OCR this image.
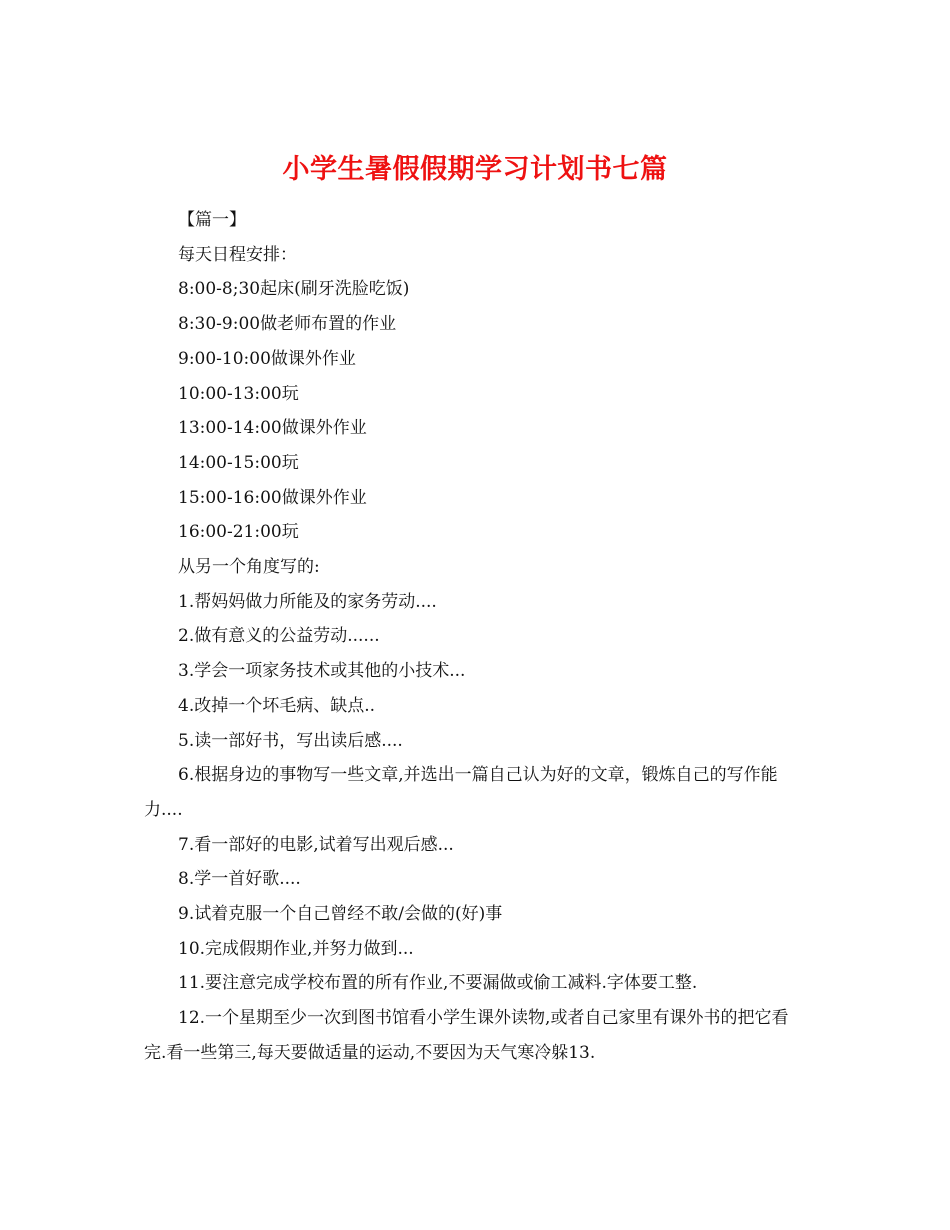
小学生暑假假期学习计划书七篇

【篇一】

每天日程安排：

8:00-8;30起床(刷牙洗脸吃饭)

8:30-9:00做老师布置的作业

9:00-10:00做课外作业

10:00-13:00玩

13:00-14:00做课外作业

14:00-15:00玩

15:00-16:00做课外作业

16:00-21:00玩

从另一个角度写的:

1.帮妈妈做力所能及的家务劳动....

2.做有意义的公益劳动......

3.学会一项家务技术或其他的小技术...

4.改掉一个坏毛病、缺点..

5.读一部好书，写出读后感....

6.根据身边的事物写一些文章,并选出一篇自己认为好的文章，锻炼自己的写作能力....

7.看一部好的电影,试着写出观后感...

8.学一首好歌....

9.试着克服一个自己曾经不敢/会做的(好)事

10.完成假期作业,并努力做到...

11.要注意完成学校布置的所有作业,不要漏做或偷工减料.字体要工整.

12.一个星期至少一次到图书馆看小学生课外读物,或者自己家里有课外书的把它看完.看一些第三,每天要做适量的运动,不要因为天气寒冷躲13.
